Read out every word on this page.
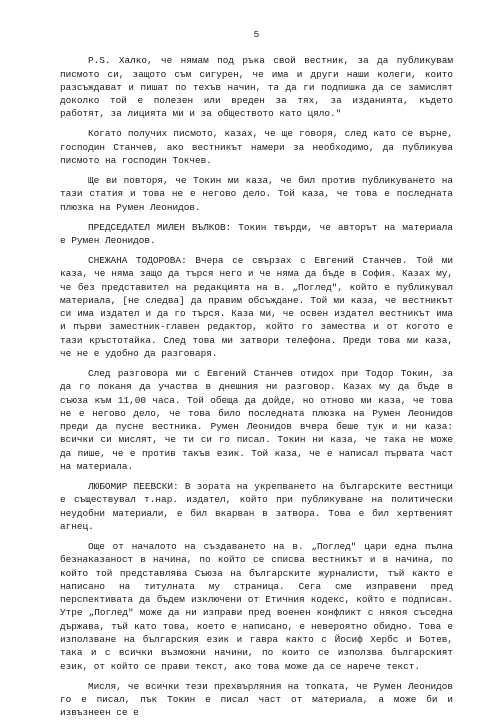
5

P.S. Халко, че нямам под ръка свой вестник, за да публикувам писмото си, защото съм сигурен, че има и други наши колеги, които разсъждават и пишат по техъв начин, та да ги подпишка да се замислят доколко той е полезен или вреден за тях, за изданията, където работят, за лицията ми и за обществото като цяло."

Когато получих писмото, казах, че ще говоря, след като се върне, господин Станчев, ако вестникът намери за необходимо, да публикува писмото на господин Токчев.

Ще ви повторя, че Токин ми каза, че бил против публикуването на тази статия и това не е негово дело. Той каза, че това е последната плюзка на Румен Леонидов.

ПРЕДСЕДАТЕЛ МИЛЕН ВЪЛКОВ: Токин твърди, че авторът на материала е Румен Леонидов.

СНЕЖАНА ТОДОРОВА: Вчера се свързах с Евгений Станчев. Той ми каза, че няма защо да търся него и че няма да бъде в София. Казах му, че без представител на редакцията на в. „Поглед", който е публикувал материала, [не следва] да правим обсъждане. Той ми каза, че вестникът си има издател и да го търся. Каза ми, че освен издател вестникът има и първи заместник-главен редактор, който го замества и от когото е тази кръстотайка. След това ми затвори телефона. Преди това ми каза, че не е удобно да разговаря.

След разговора ми с Евгений Станчев отидох при Тодор Токин, за да го поканя да участва в днешния ни разговор. Казах му да бъде в съюза към 11,00 часа. Той обеща да дойде, но отново ми каза, че това не е негово дело, че това било последната плюзка на Румен Леонидов преди да пусне вестника. Румен Леонидов вчера беше тук и ни каза: всички си мислят, че ти си го писал. Токин ни каза, че така не може да пише, че е против такъв език. Той каза, че е написал първата част на материала.

ЛЮБОМИР ПЕЕВСКИ: В зората на укрепването на българските вестници е съществувал т.нар. издател, който при публикуване на политически неудобни материали, е бил вкарван в затвора. Това е бил хертвеният агнец.

Още от началото на създаването на в. „Поглед" цари една пълна безнаказаност в начина, по който се списва вестникът и в начина, по който той представлява Съюза на българските журналисти, тъй както е написано на титулната му страница. Сега сме изправени пред перспективата да бъдем изключени от Етичния кодекс, който е подписан. Утре „Поглед" може да ни изправи пред военен конфликт с някоя съседна държава, тъй като това, което е написано, е невероятно обидно. Това е използване на българския език и гавра както с Йосиф Хербс и Ботев, така и с всички възможни начини, по които се използва българският език, от който се прави текст, ако това може да се нарече текст.

Мисля, че всички тези прехвърляния на топката, че Румен Леонидов го е писал, пък Токин е писал част от материала, а може би и извъзнеен се е
